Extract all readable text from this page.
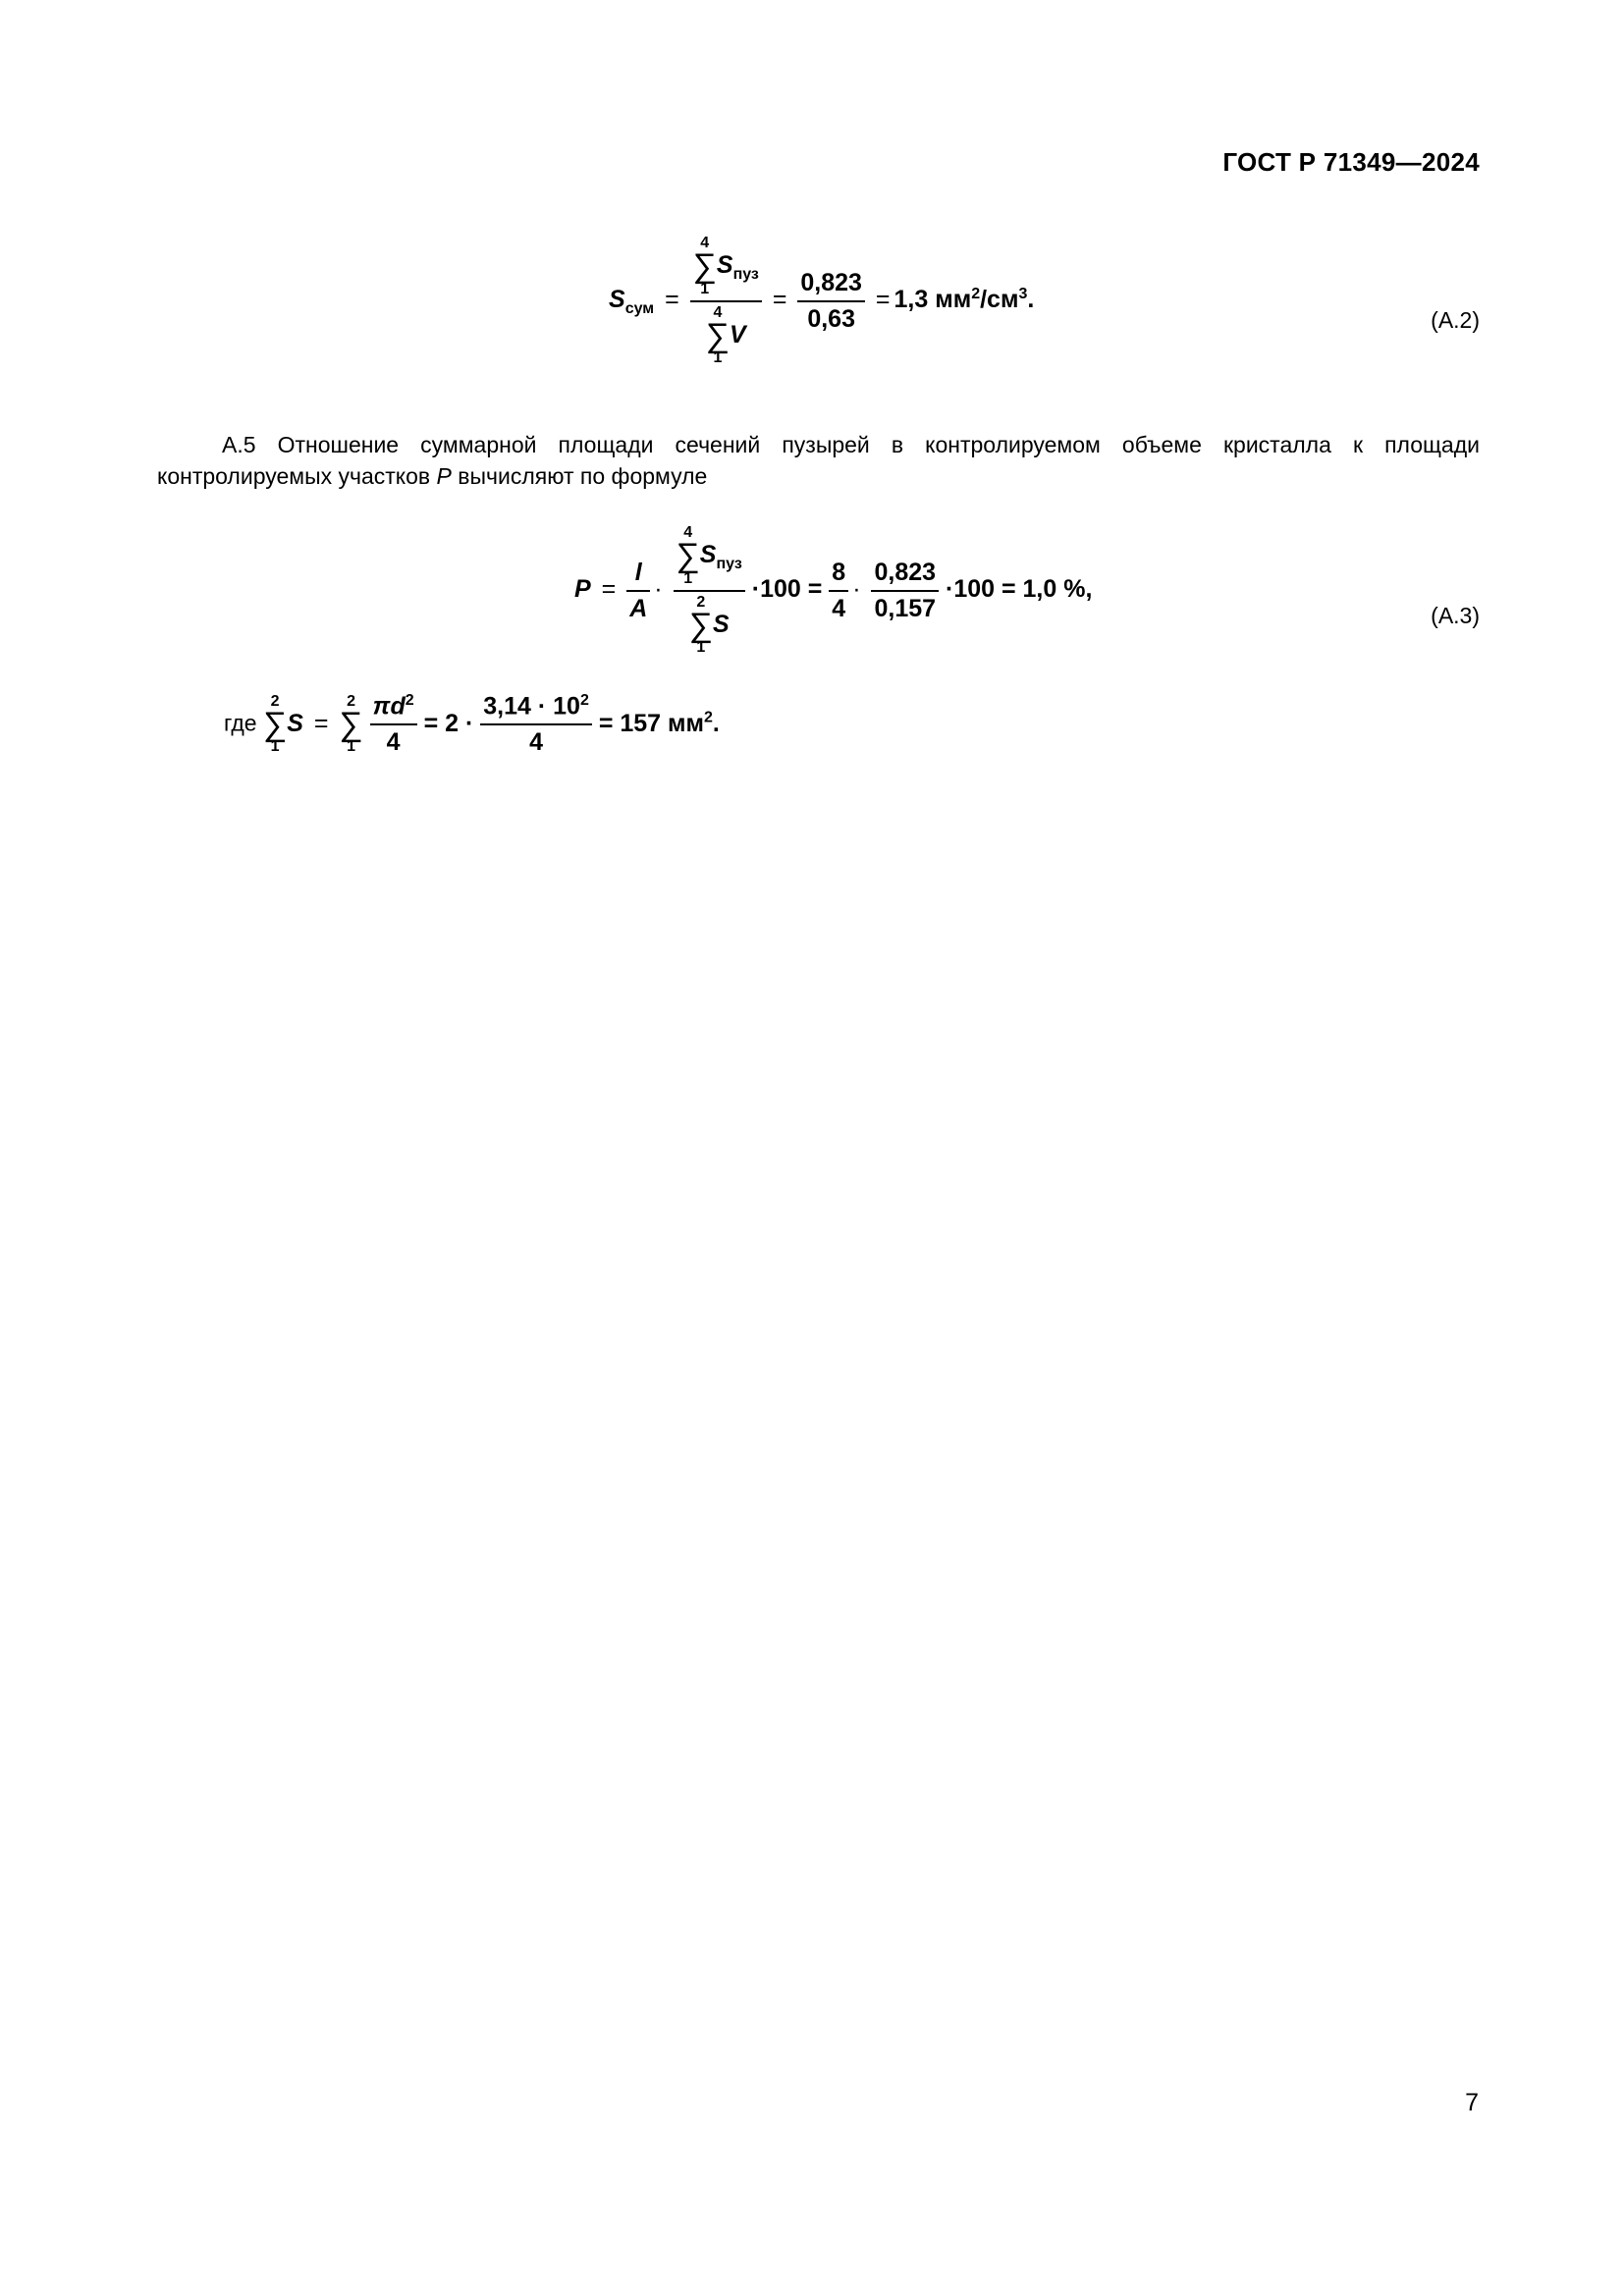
ГОСТ Р 71349—2024
$S_{сум} = 4$
∑
1
$S_{пуз}$
4
∑
1
$V = \frac{0,823}{0,63} = 1,3$ $мм^2/см^3$.
(А.2)
А.5 Отношение суммарной площади сечений пузырей в контролируемом объеме кристалла к площади контролируемых участков P вычисляют по формуле
$P = \frac{l}{A} \cdot 4$
∑
1
$S_{пуз}$
2
∑
1
$S \cdot 100 = \frac{8}{4} \cdot \frac{0,823}{0,157} \cdot 100 = 1,0$ %,
(А.3)
где
2
∑
1
S =
2
∑
1
$\frac{\pi d^2}{4} = 2 \cdot \frac{3,14 \cdot 10^2}{4} = 157$ $мм^2$.
7
